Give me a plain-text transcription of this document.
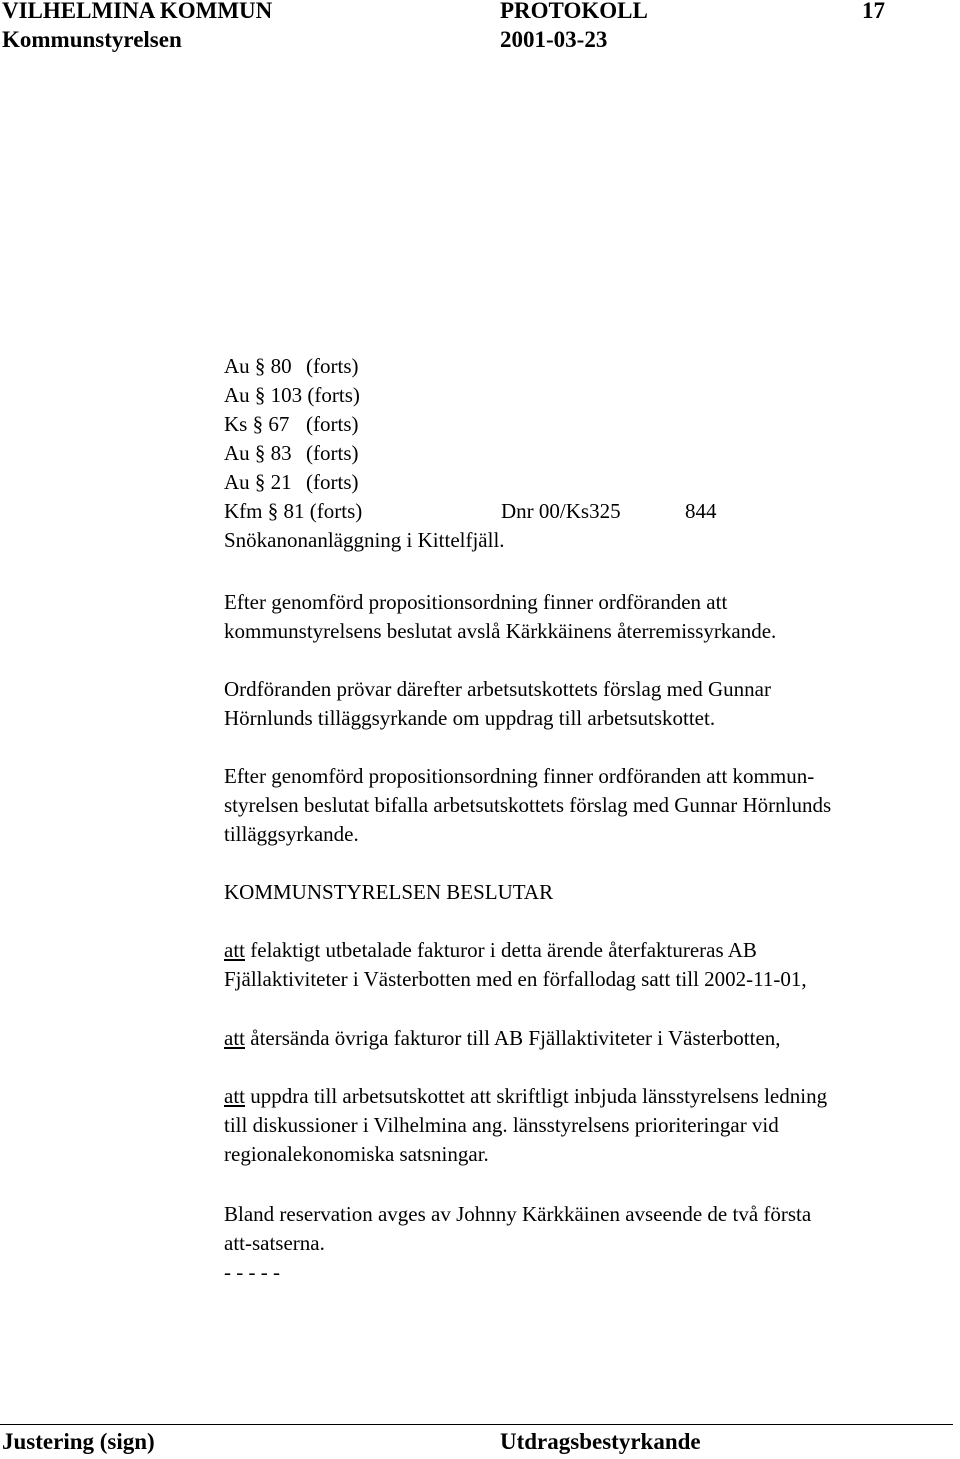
VILHELMINA KOMMUN	PROTOKOLL	17
Kommunstyrelsen	2001-03-23
Au § 80 (forts)
Au § 103 (forts)
Ks § 67 (forts)
Au § 83 (forts)
Au § 21 (forts)
Kfm § 81 (forts)	Dnr 00/Ks325	844
Snökanonanläggning i Kittelfjäll.
Efter genomförd propositionsordning finner ordföranden att
kommunstyrelsens beslutat avslå Kärkkäinens återremissyrkande.
Ordföranden prövar därefter arbetsutskottets förslag med Gunnar
Hörnlunds tilläggsyrkande om uppdrag till arbetsutskottet.
Efter genomförd propositionsordning finner ordföranden att kommun-
styrelsen beslutat bifalla arbetsutskottets förslag med Gunnar Hörnlunds
tilläggsyrkande.
KOMMUNSTYRELSEN BESLUTAR
att felaktigt utbetalade fakturor i detta ärende återfaktureras AB
Fjällaktiviteter i Västerbotten med en förfallodag satt till 2002-11-01,
att återsända övriga fakturor till AB Fjällaktiviteter i Västerbotten,
att uppdra till arbetsutskottet att skriftligt inbjuda länsstyrelsens ledning
till diskussioner i Vilhelmina ang. länsstyrelsens prioriteringar vid
regionalekonomiska satsningar.
Bland reservation avges av Johnny Kärkkäinen avseende de två första
att-satserna.
- - - - -
Justering (sign)	Utdragsbestyrkande
